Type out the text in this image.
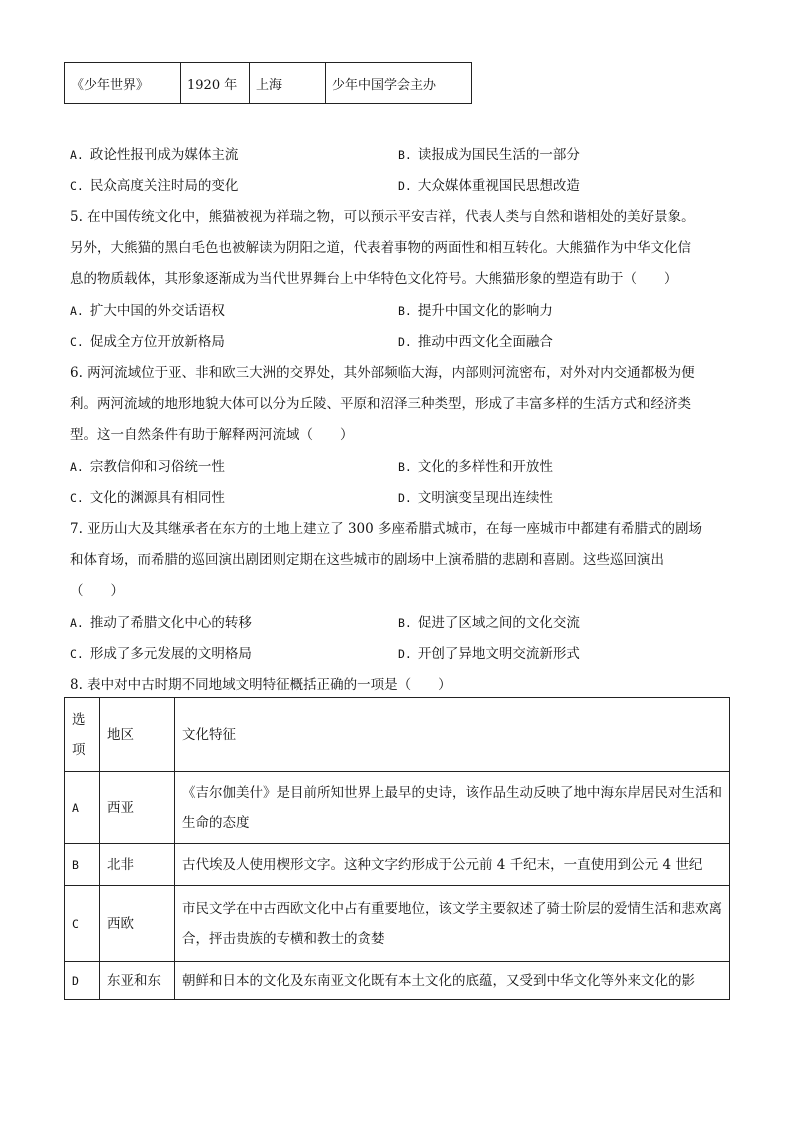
《少年世界》	1920 年	上海	少年中国学会主办
A. 政论性报刊成为媒体主流	B. 读报成为国民生活的一部分
C. 民众高度关注时局的变化	D. 大众媒体重视国民思想改造
5. 在中国传统文化中，熊猫被视为祥瑞之物，可以预示平安吉祥，代表人类与自然和谐相处的美好景象。
另外，大熊猫的黑白毛色也被解读为阴阳之道，代表着事物的两面性和相互转化。大熊猫作为中华文化信
息的物质载体，其形象逐渐成为当代世界舞台上中华特色文化符号。大熊猫形象的塑造有助于（　　）
A. 扩大中国的外交话语权	B. 提升中国文化的影响力
C. 促成全方位开放新格局	D. 推动中西文化全面融合
6. 两河流域位于亚、非和欧三大洲的交界处，其外部频临大海，内部则河流密布，对外对内交通都极为便
利。两河流域的地形地貌大体可以分为丘陵、平原和沼泽三种类型，形成了丰富多样的生活方式和经济类
型。这一自然条件有助于解释两河流域（　　）
A. 宗教信仰和习俗统一性	B. 文化的多样性和开放性
C. 文化的渊源具有相同性	D. 文明演变呈现出连续性
7. 亚历山大及其继承者在东方的土地上建立了 300 多座希腊式城市，在每一座城市中都建有希腊式的剧场
和体育场，而希腊的巡回演出剧团则定期在这些城市的剧场中上演希腊的悲剧和喜剧。这些巡回演出
（　　）
A. 推动了希腊文化中心的转移	B. 促进了区域之间的文化交流
C. 形成了多元发展的文明格局	D. 开创了异地文明交流新形式
8. 表中对中古时期不同地域文明特征概括正确的一项是（　　）
选项	地区	文化特征
A	西亚	《吉尔伽美什》是目前所知世界上最早的史诗，该作品生动反映了地中海东岸居民对生活和生命的态度
B	北非	古代埃及人使用楔形文字。这种文字约形成于公元前 4 千纪末，一直使用到公元 4 世纪
C	西欧	市民文学在中古西欧文化中占有重要地位，该文学主要叙述了骑士阶层的爱情生活和悲欢离合，抨击贵族的专横和教士的贪婪
D	东亚和东	朝鲜和日本的文化及东南亚文化既有本土文化的底蕴，又受到中华文化等外来文化的影
